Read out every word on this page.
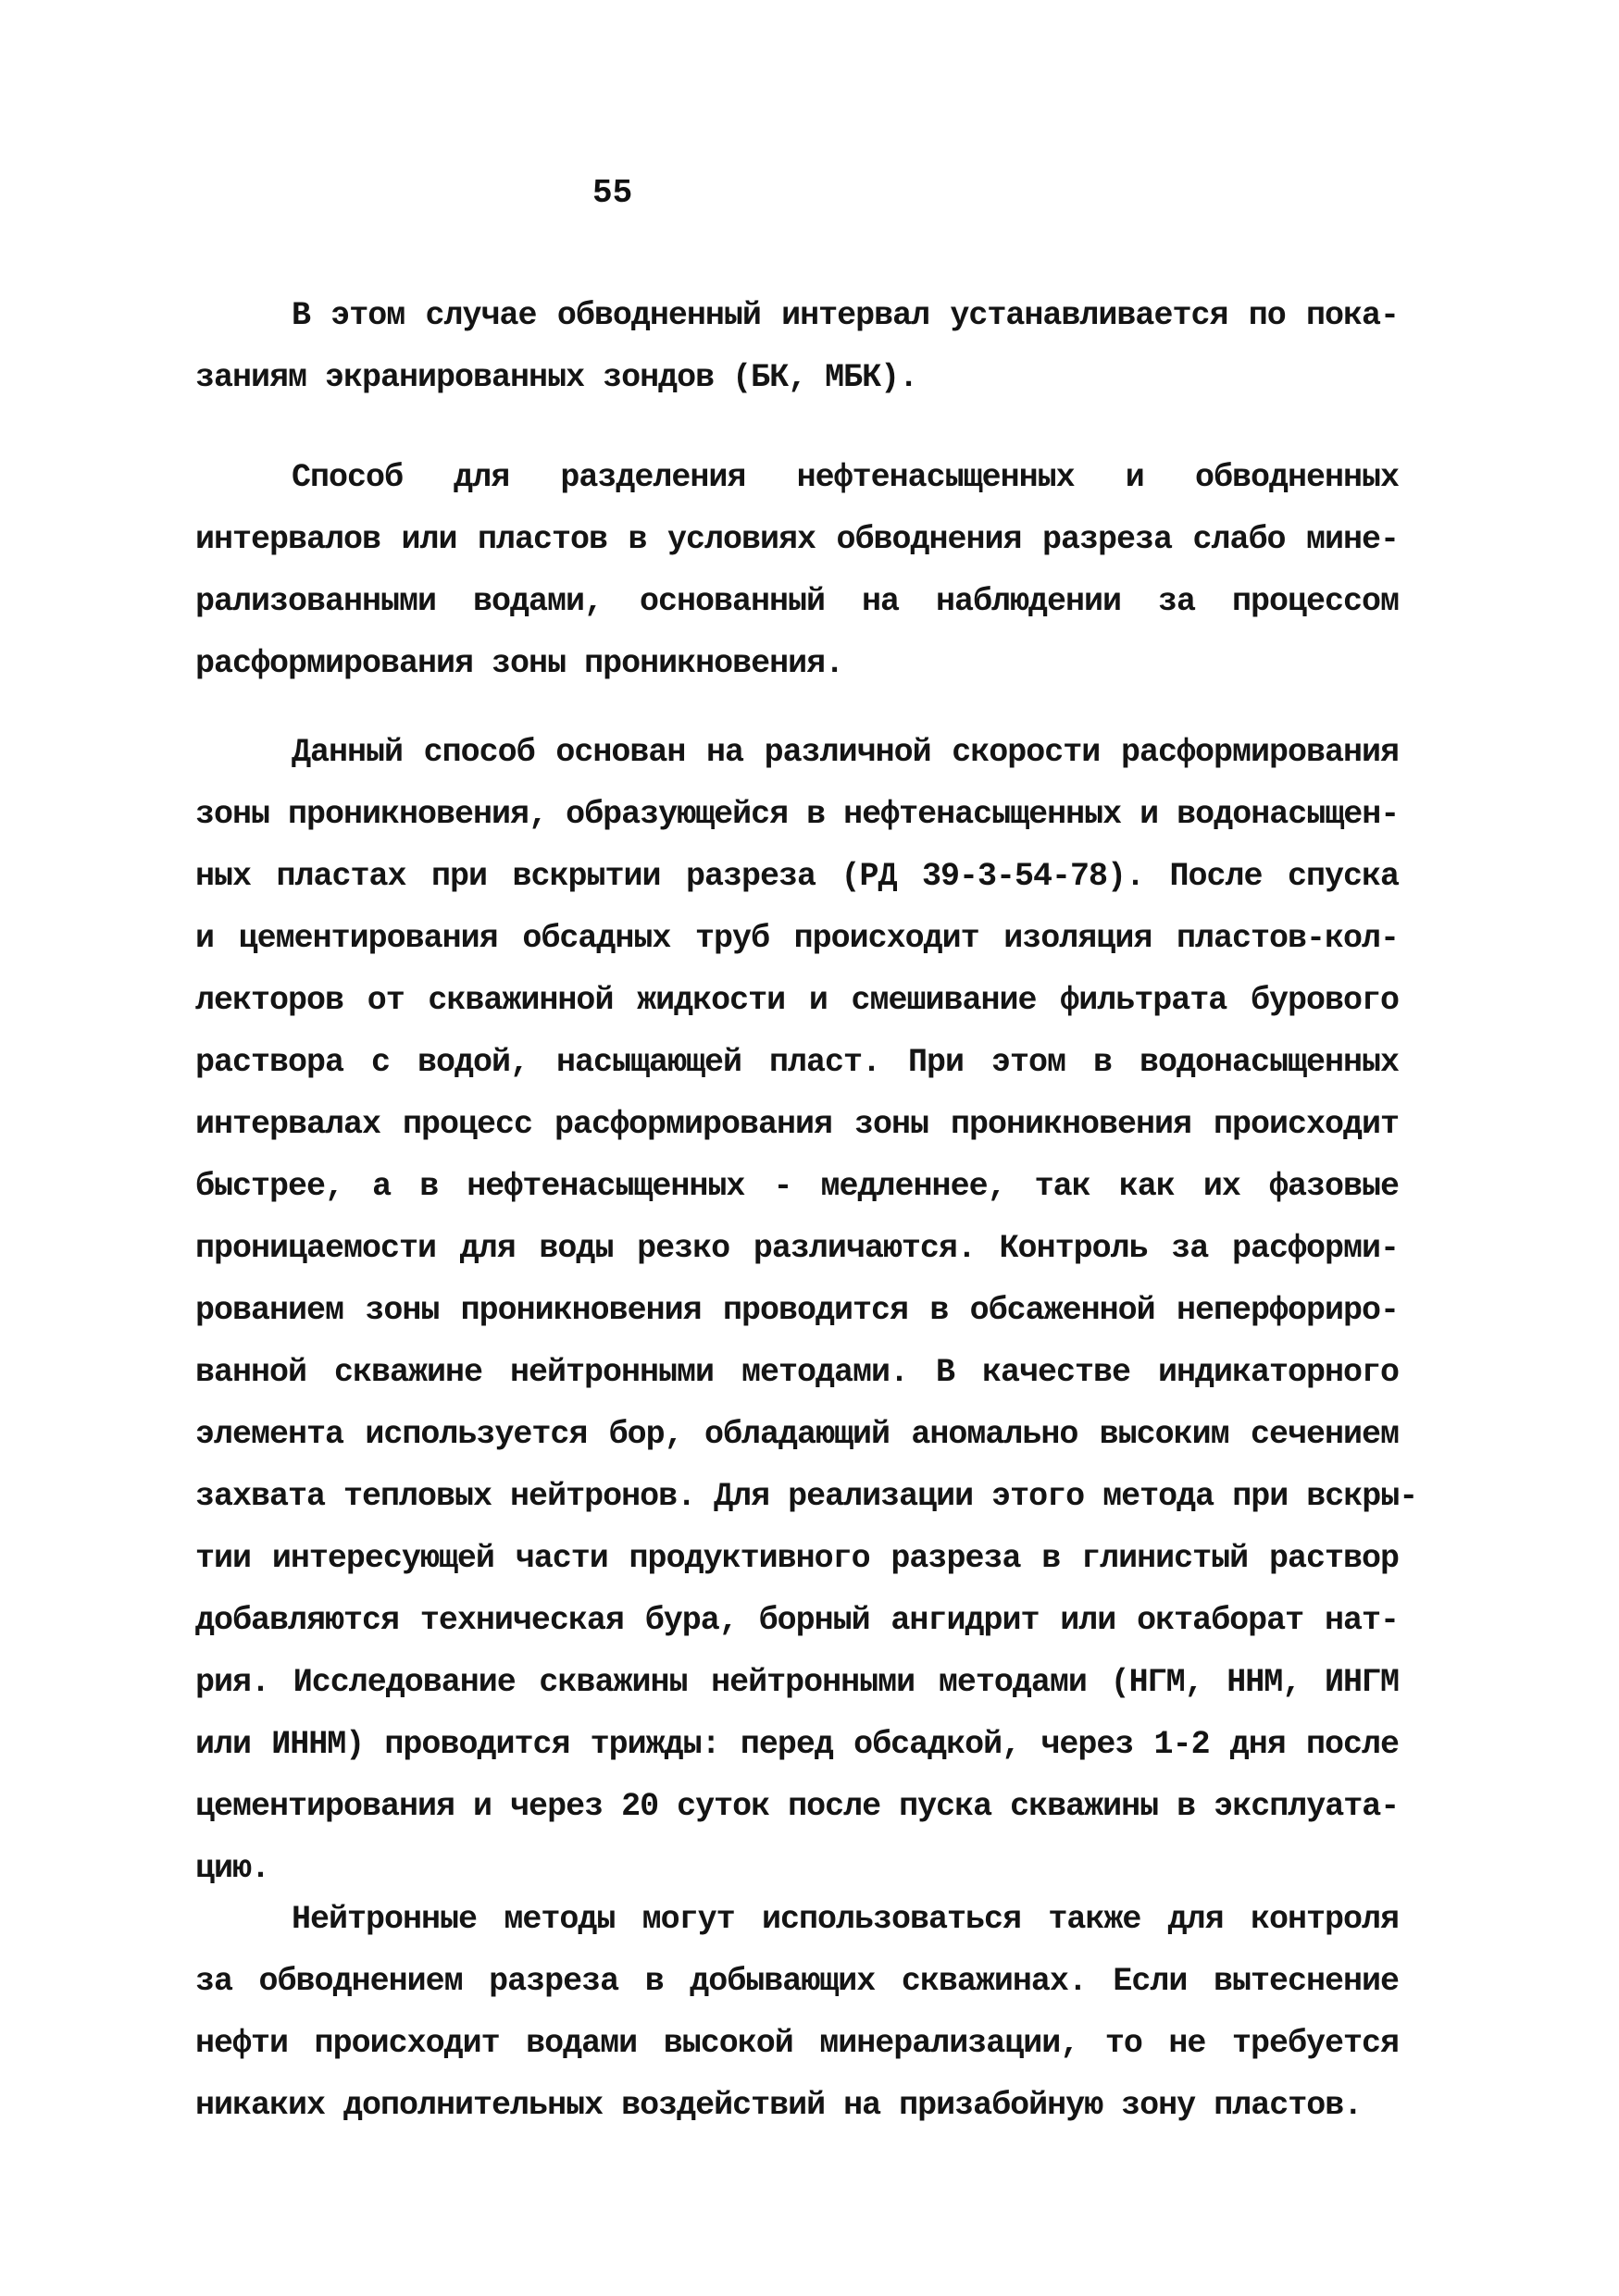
55
В этом случае обводненный интервал устанавливается по пока-
заниям экранированных зондов (БК, МБК).
Способ для разделения нефтенасыщенных и обводненных
интервалов или пластов в условиях обводнения разреза слабо мине-
рализованными водами, основанный на наблюдении за процессом
расформирования зоны проникновения.
Данный способ основан на различной скорости расформирования
зоны проникновения, образующейся в нефтенасыщенных и водонасыщен-
ных пластах при вскрытии разреза (РД 39-3-54-78). После спуска
и цементирования обсадных труб происходит изоляция пластов-кол-
лекторов от скважинной жидкости и смешивание фильтрата бурового
раствора с водой, насыщающей пласт. При этом в водонасыщенных
интервалах процесс расформирования зоны проникновения происходит
быстрее, а в нефтенасыщенных - медленнее, так как их фазовые
проницаемости для воды резко различаются. Контроль за расформи-
рованием зоны проникновения проводится в обсаженной неперфориро-
ванной скважине нейтронными методами. В качестве индикаторного
элемента используется бор, обладающий аномально высоким сечением
захвата тепловых нейтронов. Для реализации этого метода при вскры-
тии интересующей части продуктивного разреза в глинистый раствор
добавляются техническая бура, борный ангидрит или октаборат нат-
рия. Исследование скважины нейтронными методами (НГМ, ННМ, ИНГМ
или ИННМ) проводится трижды: перед обсадкой, через 1-2 дня после
цементирования и через 20 суток после пуска скважины в эксплуата-
цию.
Нейтронные методы могут использоваться также для контроля
за обводнением разреза в добывающих скважинах. Если вытеснение
нефти происходит водами высокой минерализации, то не требуется
никаких дополнительных воздействий на призабойную зону пластов.
